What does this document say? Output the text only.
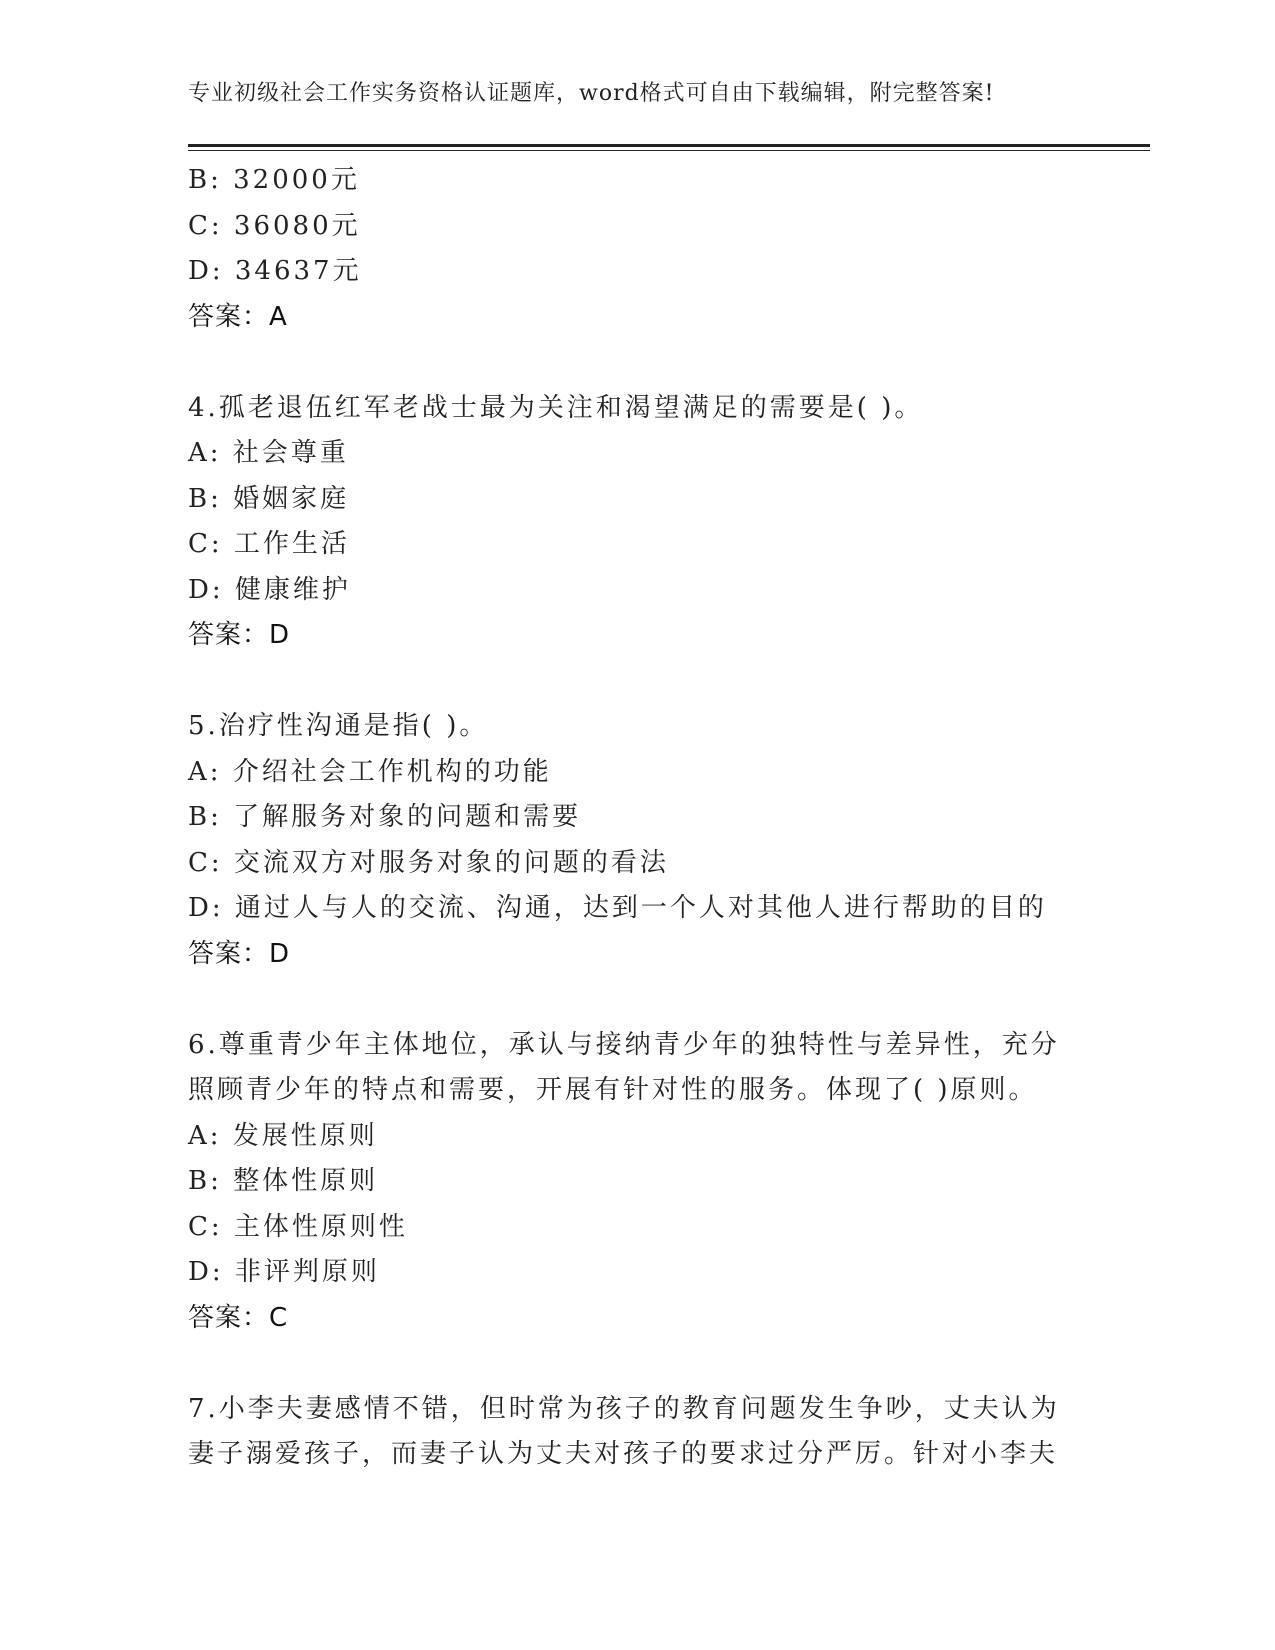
专业初级社会工作实务资格认证题库，word格式可自由下载编辑，附完整答案!
B: 32000元
C: 36080元
D: 34637元
答案：A
4.孤老退伍红军老战士最为关注和渴望满足的需要是( )。
A: 社会尊重
B: 婚姻家庭
C: 工作生活
D: 健康维护
答案：D
5.治疗性沟通是指( )。
A: 介绍社会工作机构的功能
B: 了解服务对象的问题和需要
C: 交流双方对服务对象的问题的看法
D: 通过人与人的交流、沟通，达到一个人对其他人进行帮助的目的
答案：D
6.尊重青少年主体地位，承认与接纳青少年的独特性与差异性，充分
照顾青少年的特点和需要，开展有针对性的服务。体现了( )原则。
A: 发展性原则
B: 整体性原则
C: 主体性原则性
D: 非评判原则
答案：C
7.小李夫妻感情不错，但时常为孩子的教育问题发生争吵，丈夫认为
妻子溺爱孩子，而妻子认为丈夫对孩子的要求过分严厉。针对小李夫
